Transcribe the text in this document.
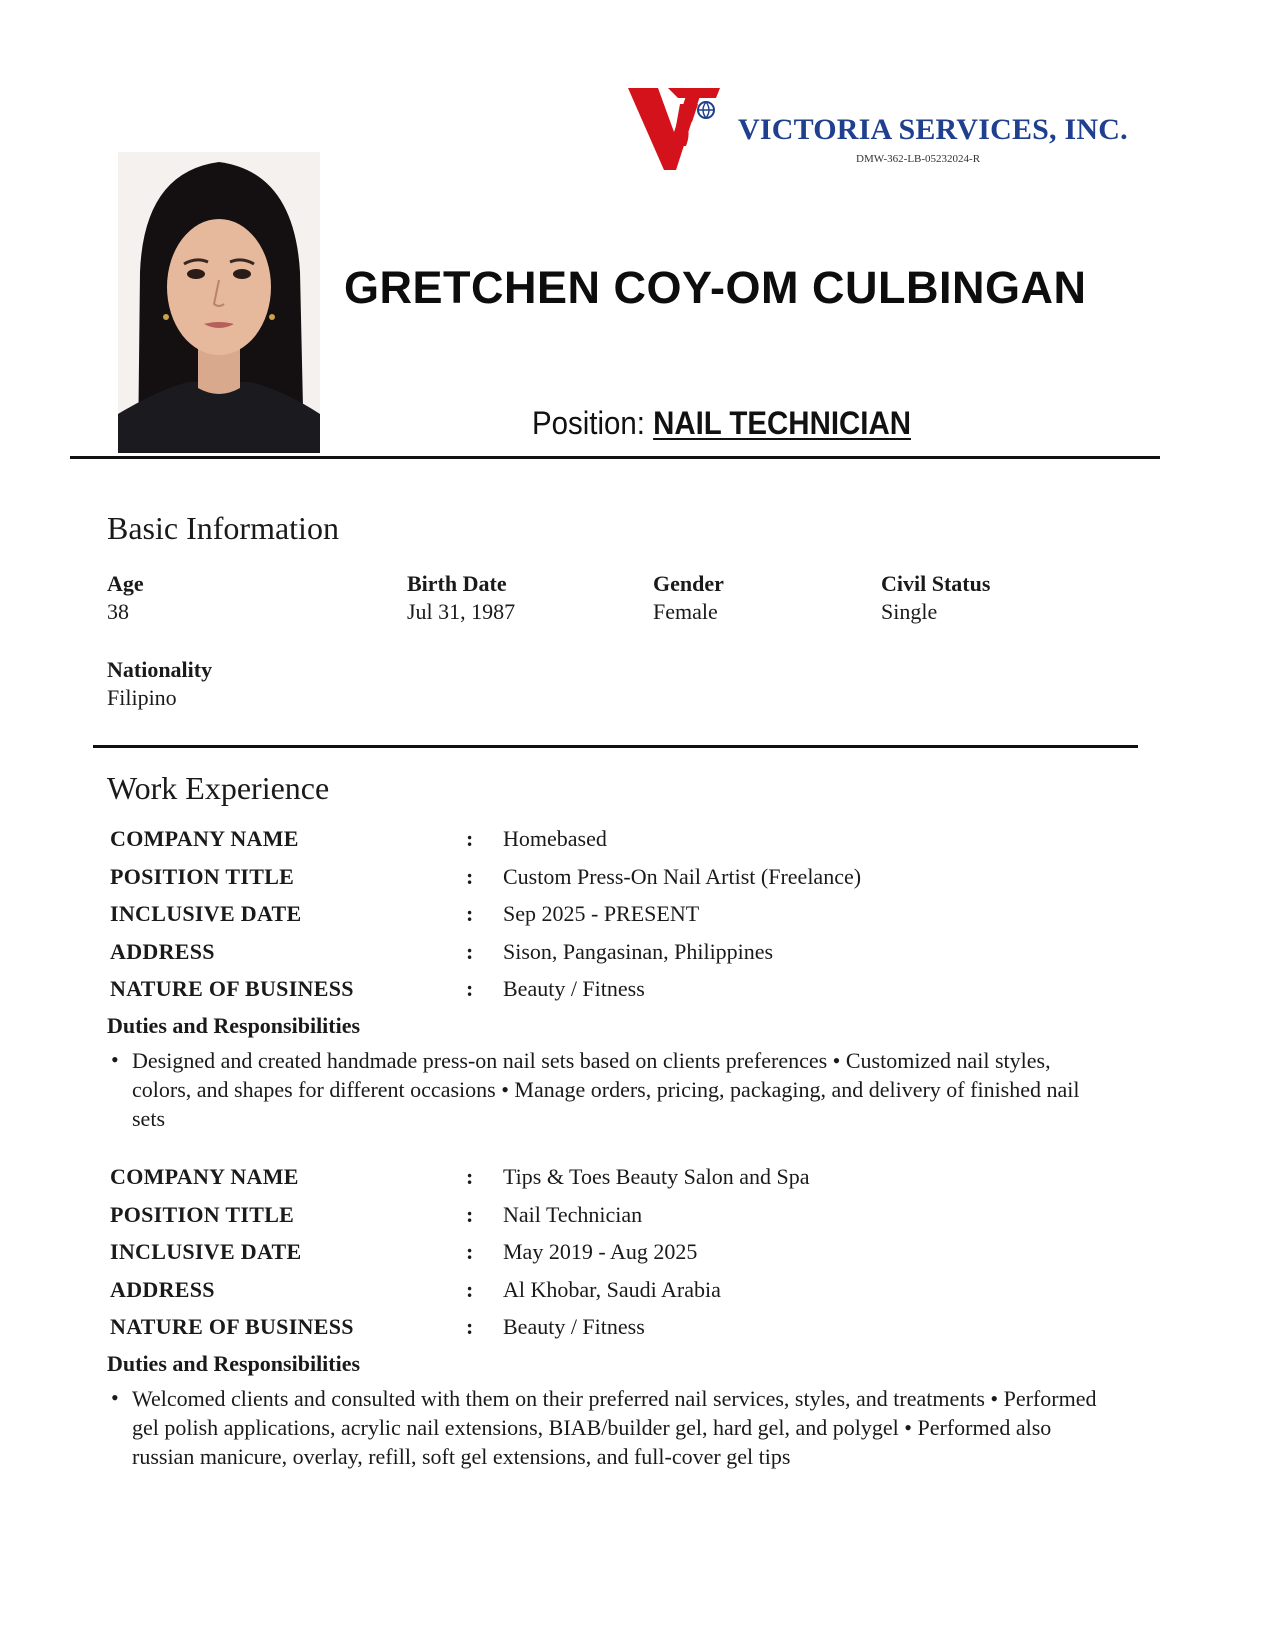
VICTORIA SERVICES, INC.
DMW-362-LB-05232024-R
GRETCHEN COY-OM CULBINGAN
Position: NAIL TECHNICIAN
Basic Information
Age
38
Birth Date
Jul 31, 1987
Gender
Female
Civil Status
Single
Nationality
Filipino
Work Experience
COMPANY NAME	: Homebased
POSITION TITLE	: Custom Press-On Nail Artist (Freelance)
INCLUSIVE DATE	: Sep 2025 - PRESENT
ADDRESS	: Sison, Pangasinan, Philippines
NATURE OF BUSINESS	: Beauty / Fitness
Duties and Responsibilities
• Designed and created handmade press-on nail sets based on clients preferences • Customized nail styles, colors, and shapes for different occasions • Manage orders, pricing, packaging, and delivery of finished nail sets
COMPANY NAME	: Tips & Toes Beauty Salon and Spa
POSITION TITLE	: Nail Technician
INCLUSIVE DATE	: May 2019 - Aug 2025
ADDRESS	: Al Khobar, Saudi Arabia
NATURE OF BUSINESS	: Beauty / Fitness
Duties and Responsibilities
• Welcomed clients and consulted with them on their preferred nail services, styles, and treatments • Performed gel polish applications, acrylic nail extensions, BIAB/builder gel, hard gel, and polygel • Performed also russian manicure, overlay, refill, soft gel extensions, and full-cover gel tips
